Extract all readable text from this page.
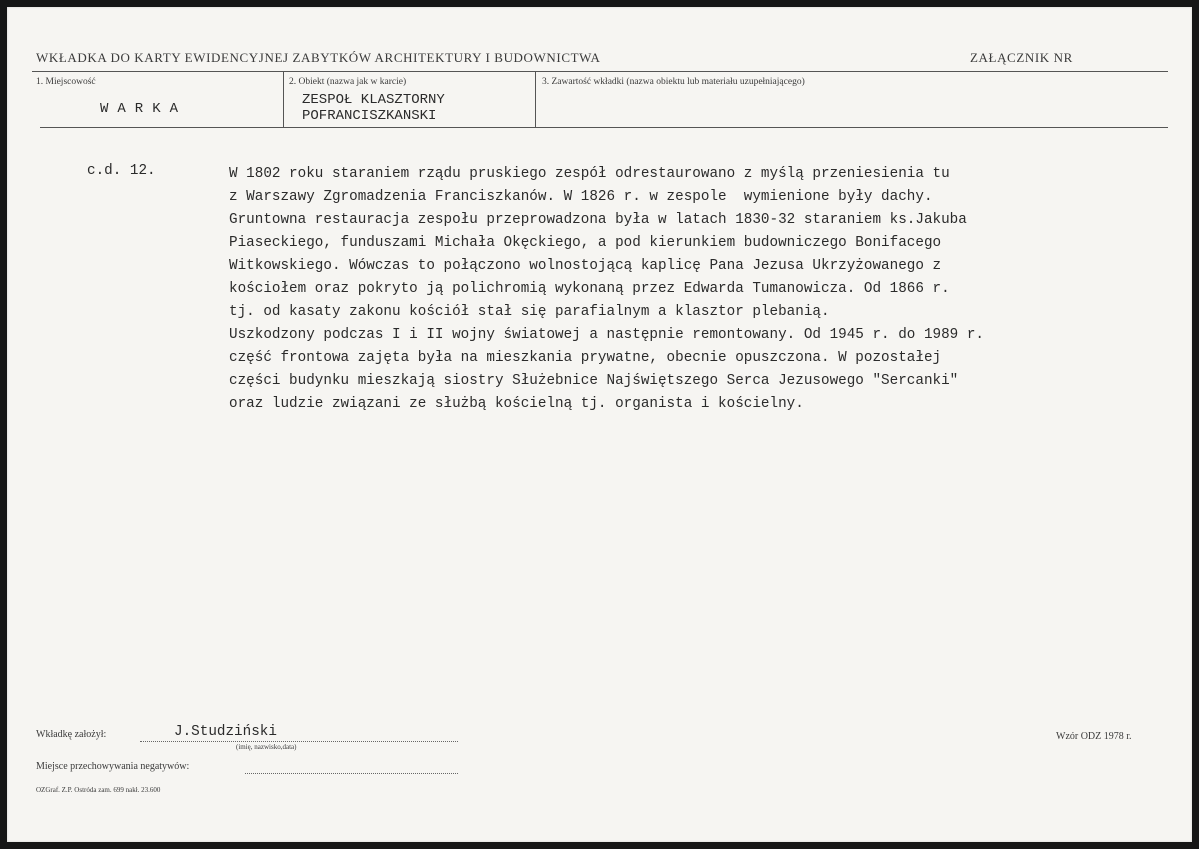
WKŁADKA DO KARTY EWIDENCYJNEJ ZABYTKÓW ARCHITEKTURY I BUDOWNICTWA	ZAŁĄCZNIK NR
1. Miejscowość
WARKA
2. Obiekt (nazwa jak w karcie)
ZESPOŁ KLASZTORNY
POFRANCISZKANSKI
3. Zawartość wkładki (nazwa obiektu lub materiału uzupełniającego)
c.d. 12.	W 1802 roku staraniem rządu pruskiego zespół odrestaurowano z myślą przeniesienia tu

z Warszawy Zgromadzenia Franciszkanów. W 1826 r. w zespole  wymienione były dachy.

Gruntowna restauracja zespołu przeprowadzona była w latach 1830-32 staraniem ks.Jakuba

Piaseckiego, funduszami Michała Okęckiego, a pod kierunkiem budowniczego Bonifacego

Witkowskiego. Wówczas to połączono wolnostojącą kaplicę Pana Jezusa Ukrzyżowanego z

kościołem oraz pokryto ją polichromią wykonaną przez Edwarda Tumanowicza. Od 1866 r.

tj. od kasaty zakonu kościół stał się parafialnym a klasztor plebanią.

Uszkodzony podczas I i II wojny światowej a następnie remontowany. Od 1945 r. do 1989 r.

część frontowa zajęta była na mieszkania prywatne, obecnie opuszczona. W pozostałej

części budynku mieszkają siostry Służebnice Najświętszego Serca Jezusowego "Sercanki"

oraz ludzie związani ze służbą kościelną tj. organista i kościelny.

Wkładkę założył:	J.Studziński
(imię, nazwisko,data)
Wzór ODZ 1978 r.
Miejsce przechowywania negatywów:
OZGraf. Z.P. Ostróda zam. 699 nakł. 23.600
